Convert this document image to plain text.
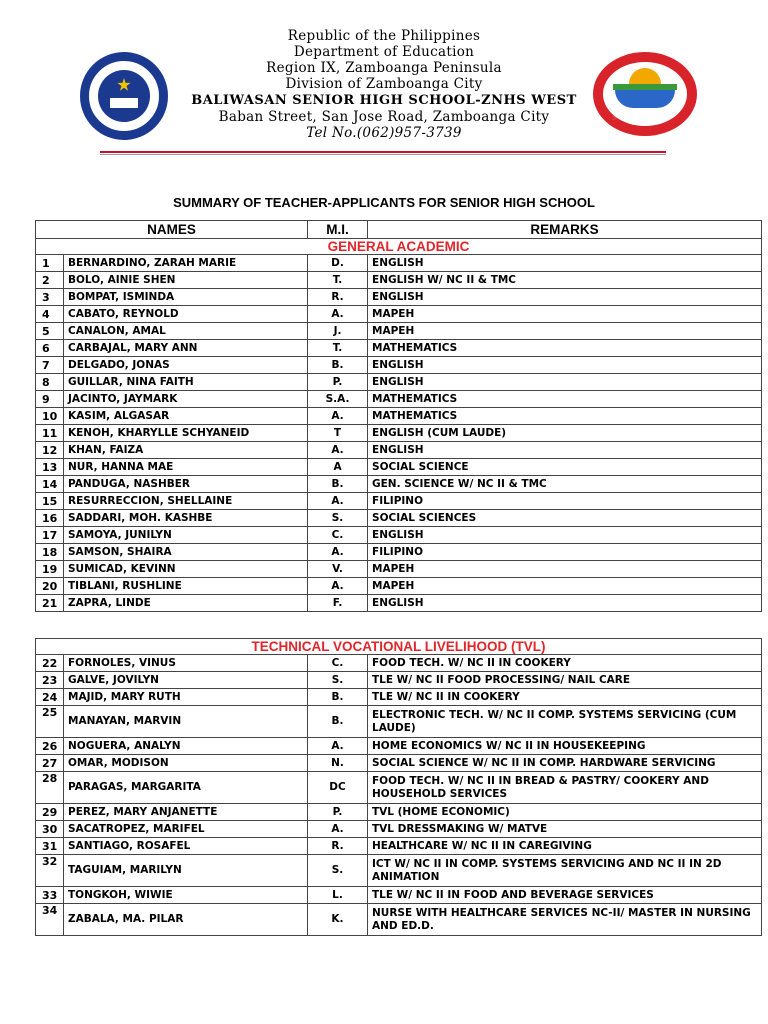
Republic of the Philippines
Department of Education
Region IX, Zamboanga Peninsula
Division of Zamboanga City
BALIWASAN SENIOR HIGH SCHOOL-ZNHS WEST
Baban Street, San Jose Road, Zamboanga City
Tel No.(062)957-3739
>
SUMMARY OF TEACHER-APPLICANTS FOR SENIOR HIGH SCHOOL
NAMES		M.I.	REMARKS
GENERAL ACADEMIC			
1	BERNARDINO, ZARAH MARIE	D.	ENGLISH
2	BOLO, AINIE SHEN	T.	ENGLISH W/ NC II & TMC
3	BOMPAT, ISMINDA	R.	ENGLISH
4	CABATO, REYNOLD	A.	MAPEH
5	CANALON, AMAL	J.	MAPEH
6	CARBAJAL, MARY ANN	T.	MATHEMATICS
7	DELGADO, JONAS	B.	ENGLISH
8	GUILLAR, NINA FAITH	P.	ENGLISH
9	JACINTO, JAYMARK	S.A.	MATHEMATICS
10	KASIM, ALGASAR	A.	MATHEMATICS
11	KENOH, KHARYLLE SCHYANEID	T	ENGLISH (CUM LAUDE)
12	KHAN, FAIZA	A.	ENGLISH
13	NUR, HANNA MAE	A	SOCIAL SCIENCE
14	PANDUGA, NASHBER	B.	GEN. SCIENCE W/ NC II & TMC
15	RESURRECCION, SHELLAINE	A.	FILIPINO
16	SADDARI, MOH. KASHBE	S.	SOCIAL SCIENCES
17	SAMOYA, JUNILYN	C.	ENGLISH
18	SAMSON, SHAIRA	A.	FILIPINO
19	SUMICAD, KEVINN	V.	MAPEH
20	TIBLANI, RUSHLINE	A.	MAPEH
21	ZAPRA, LINDE	F.	ENGLISH
TECHNICAL VOCATIONAL LIVELIHOOD (TVL)			
22	FORNOLES, VINUS	C.	FOOD TECH. W/ NC II IN COOKERY
23	GALVE, JOVILYN	S.	TLE W/ NC II FOOD PROCESSING/ NAIL CARE
24	MAJID, MARY RUTH	B.	TLE W/ NC II IN COOKERY
25	MANAYAN, MARVIN	B.	ELECTRONIC TECH. W/ NC II COMP. SYSTEMS SERVICING (CUM LAUDE)
26	NOGUERA, ANALYN	A.	HOME ECONOMICS W/ NC II IN HOUSEKEEPING
27	OMAR, MODISON	N.	SOCIAL SCIENCE W/ NC II IN COMP. HARDWARE SERVICING
28	PARAGAS, MARGARITA	DC	FOOD TECH. W/ NC II IN BREAD & PASTRY/ COOKERY AND HOUSEHOLD SERVICES
29	PEREZ, MARY ANJANETTE	P.	TVL (HOME ECONOMIC)
30	SACATROPEZ, MARIFEL	A.	TVL DRESSMAKING W/ MATVE
31	SANTIAGO, ROSAFEL	R.	HEALTHCARE W/ NC II IN CAREGIVING
32	TAGUIAM, MARILYN	S.	ICT W/ NC II IN COMP. SYSTEMS SERVICING AND NC II IN 2D ANIMATION
33	TONGKOH, WIWIE	L.	TLE W/ NC II IN FOOD AND BEVERAGE SERVICES
34	ZABALA, MA. PILAR	K.	NURSE WITH HEALTHCARE SERVICES NC-II/ MASTER IN NURSING AND ED.D.
